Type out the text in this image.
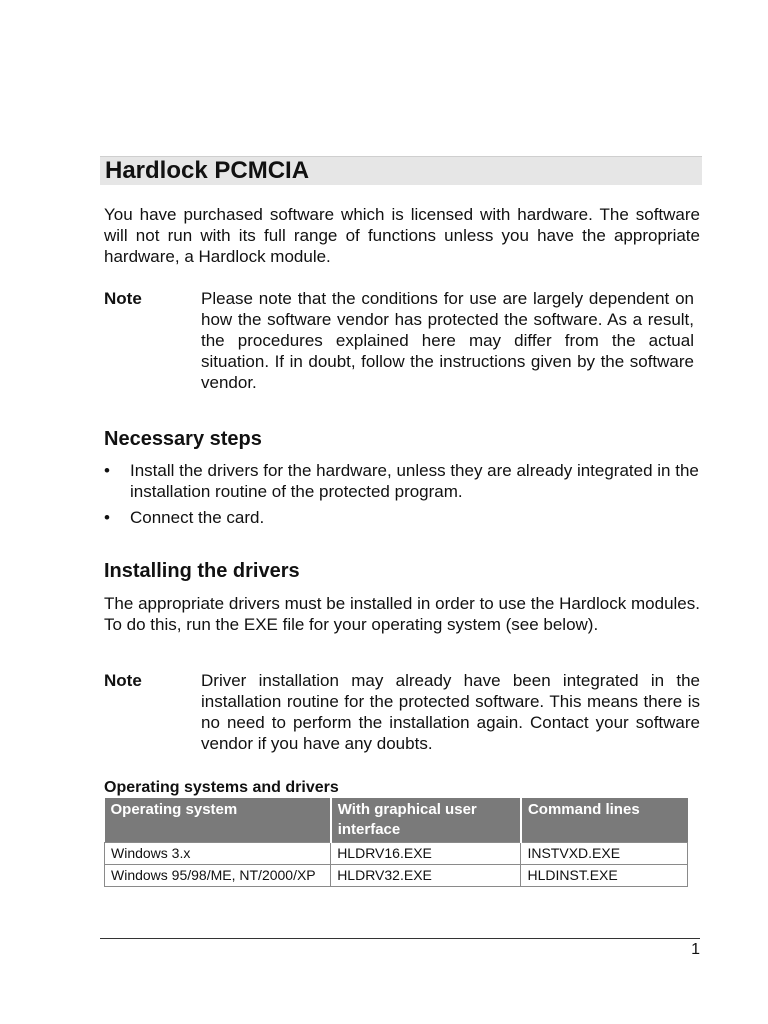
Hardlock PCMCIA
You have purchased software which is licensed with hardware. The software will not run with its full range of functions unless you have the appropriate hardware, a Hardlock module.
Note	Please note that the conditions for use are largely dependent on how the software vendor has protected the software. As a result, the procedures explained here may differ from the actual situation. If in doubt, follow the instructions given by the software vendor.
Necessary steps
• Install the drivers for the hardware, unless they are already integrated in the installation routine of the protected program.
• Connect the card.
Installing the drivers
The appropriate drivers must be installed in order to use the Hardlock modules. To do this, run the EXE file for your operating system (see below).
Note	Driver installation may already have been integrated in the installation routine for the protected software. This means there is no need to perform the installation again. Contact your software vendor if you have any doubts.
Operating systems and drivers
Operating system	With graphical user interface	Command lines
Windows 3.x	HLDRV16.EXE	INSTVXD.EXE
Windows 95/98/ME, NT/2000/XP	HLDRV32.EXE	HLDINST.EXE
1
